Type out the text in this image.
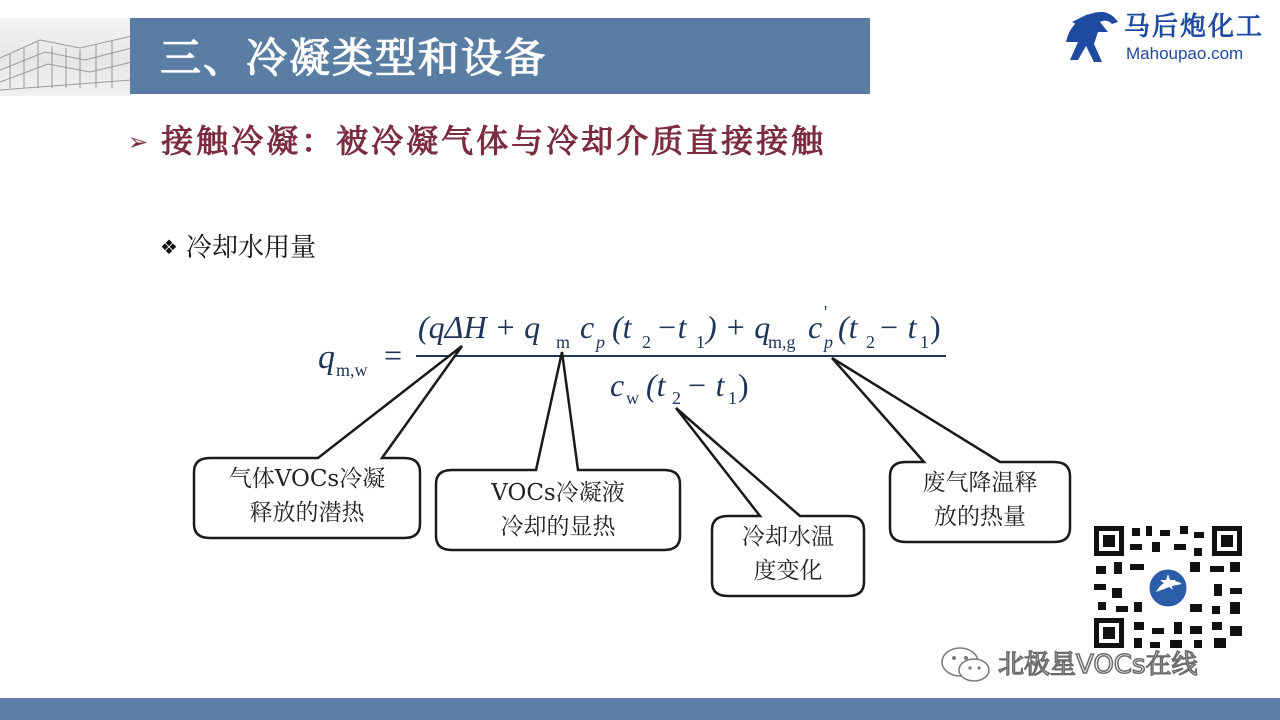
三、冷凝类型和设备
马后炮化工
Mahoupao.com
➢ 接触冷凝：被冷凝气体与冷却介质直接接触
❖ 冷却水用量
q m,w =
(qΔH + q m c p (t 2 −t 1 ) + q
m,g c '
p (t 2 − t 1 )
c w (t 2 − t 1 )
气体VOCs冷凝
释放的潜热
VOCs冷凝液
冷却的显热	冷却水温
度变化
废气降温释
放的热量
北极星VOCs在线
